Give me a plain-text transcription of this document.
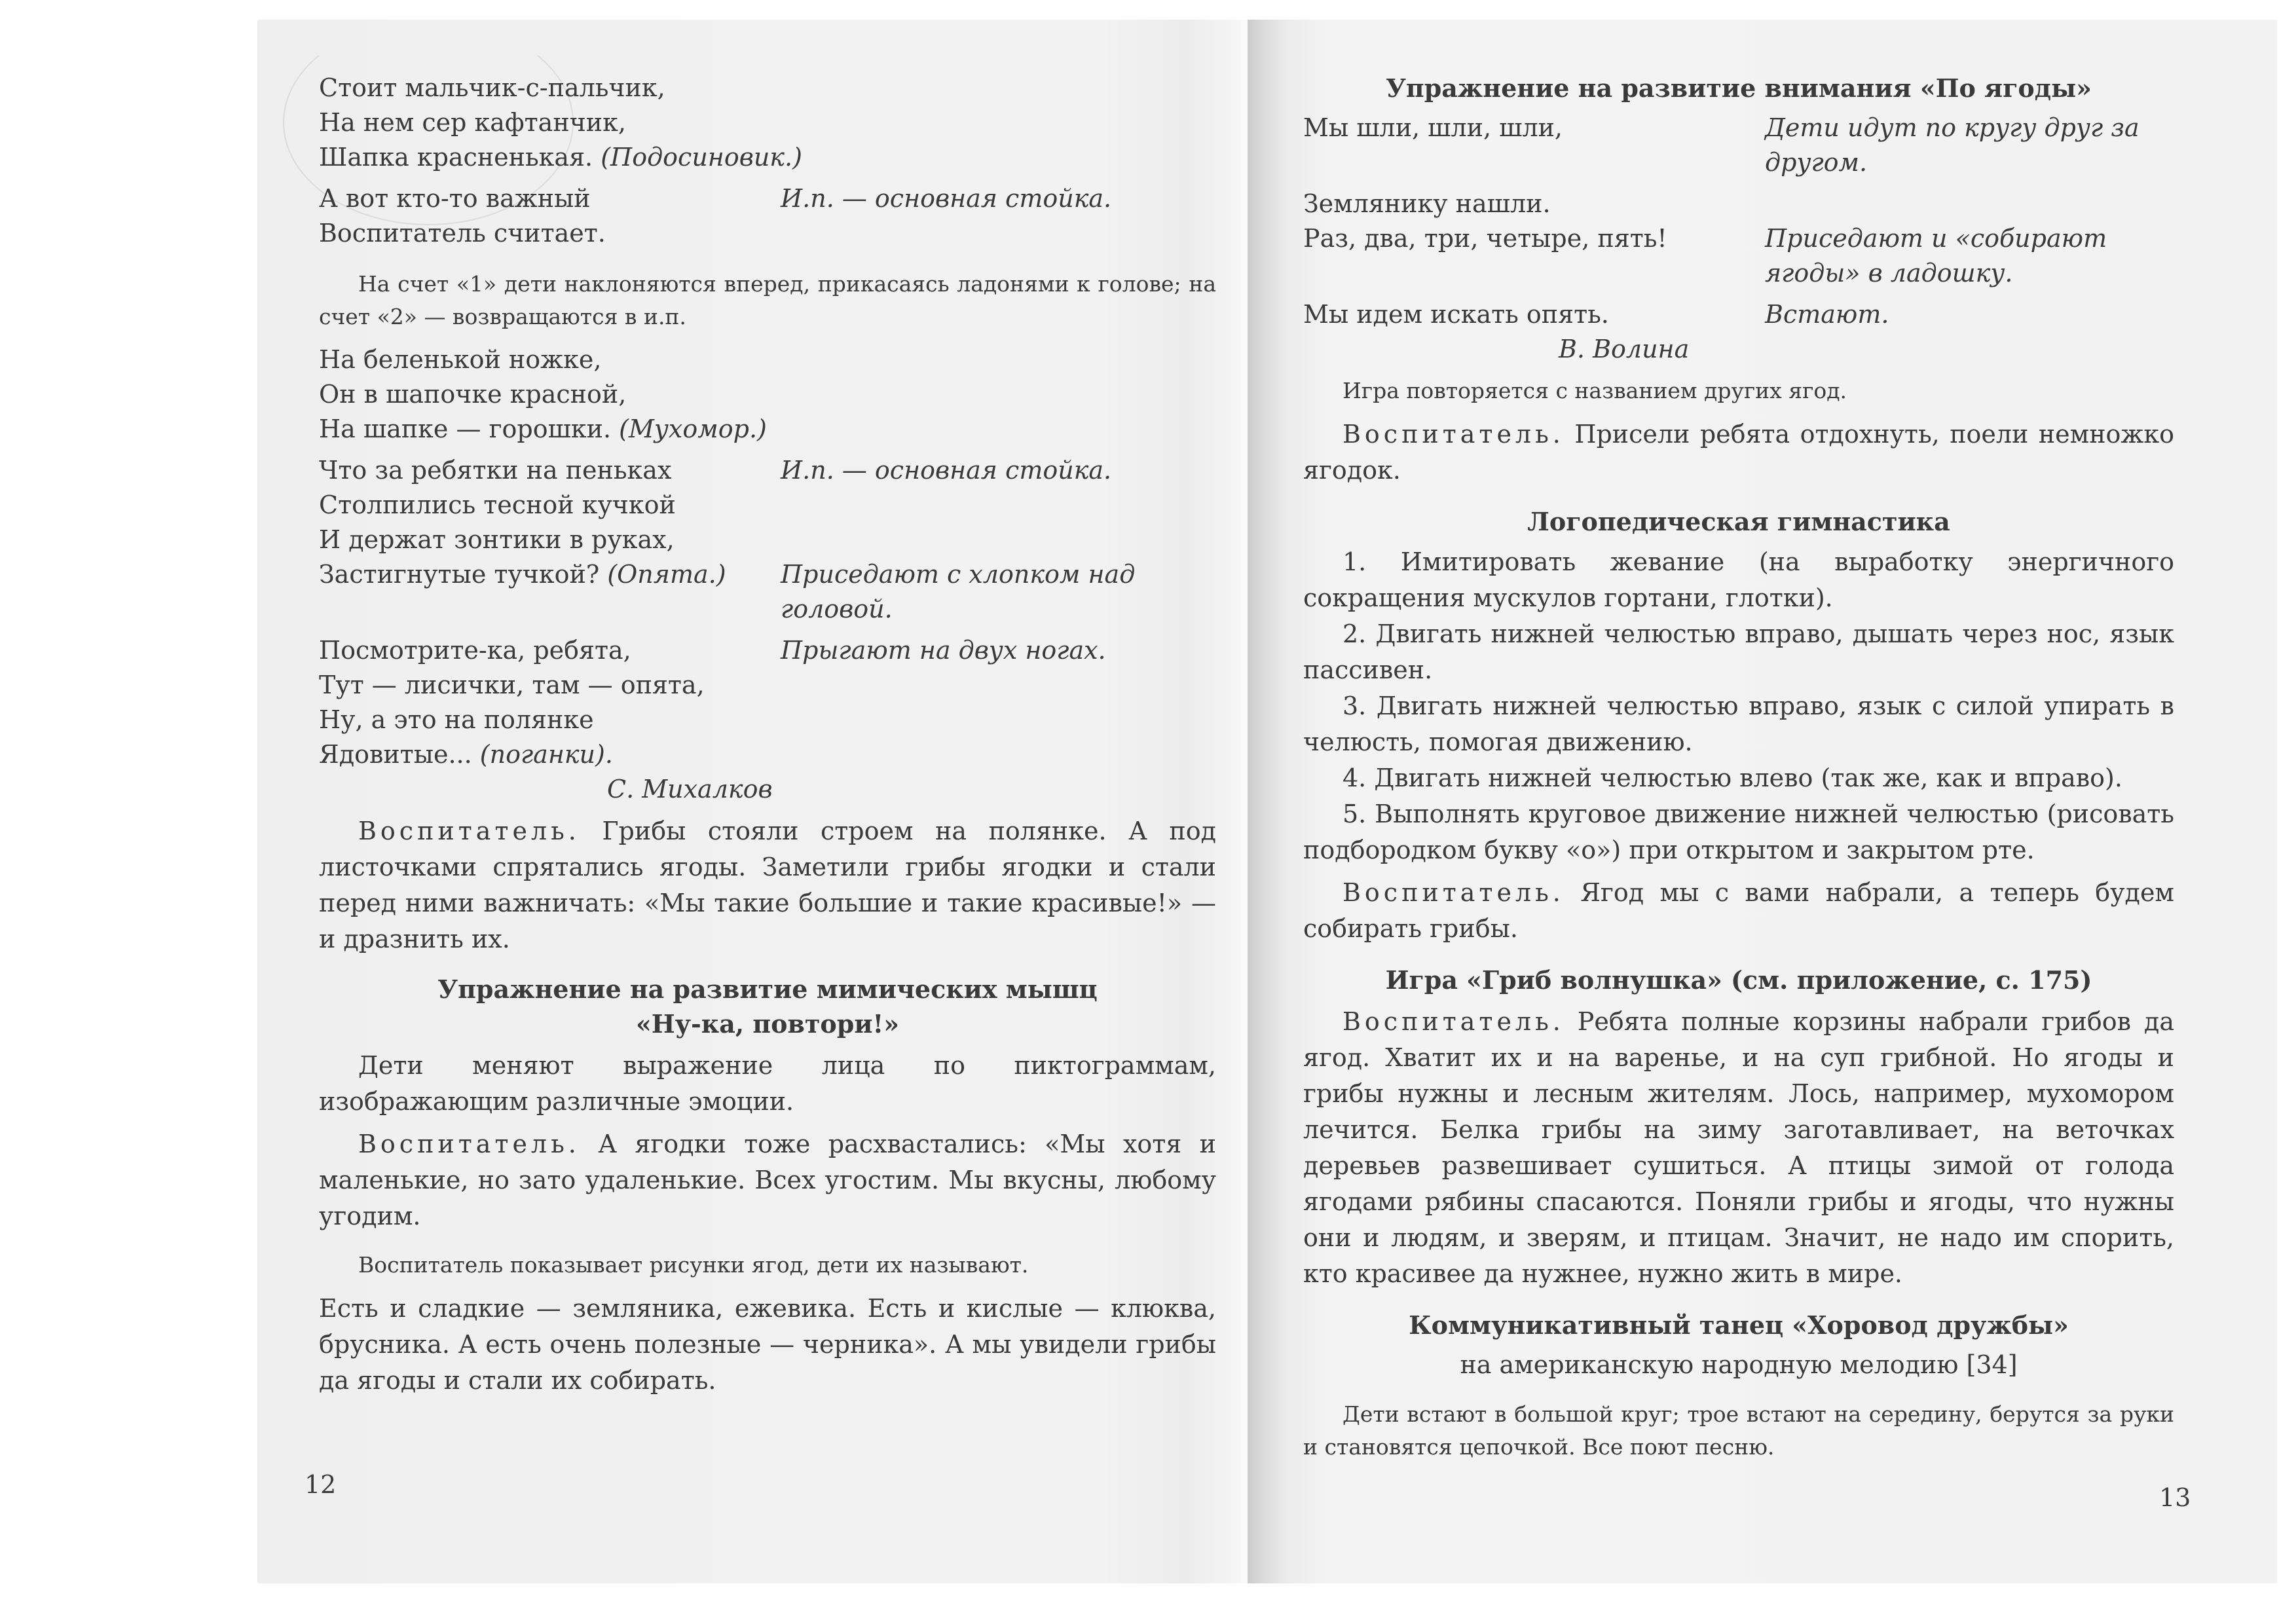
Стоит мальчик-с-пальчик,
На нем сер кафтанчик,
Шапка красненькая. (Подосиновик.)
А вот кто-то важный	И.п. — основная стойка.
Воспитатель считает.
На счет «1» дети наклоняются вперед, прикасаясь ладонями к голове; на счет «2» — возвращаются в и.п.
На беленькой ножке,
Он в шапочке красной,
На шапке — горошки. (Мухомор.)
Что за ребятки на пеньках	И.п. — основная стойка.
Столпились тесной кучкой
И держат зонтики в руках,
Застигнутые тучкой? (Опята.)	Приседают с хлопком над головой.
Посмотрите-ка, ребята,	Прыгают на двух ногах.
Тут — лисички, там — опята,
Ну, а это на полянке
Ядовитые... (поганки).
С. Михалков

Воспитатель. Грибы стояли строем на полянке. А под листочками спрятались ягоды. Заметили грибы ягодки и стали перед ними важничать: «Мы такие большие и такие красивые!» — и дразнить их.

Упражнение на развитие мимических мышц
«Ну-ка, повтори!»

Дети меняют выражение лица по пиктограммам, изображающим различные эмоции.

Воспитатель. А ягодки тоже расхвастались: «Мы хотя и маленькие, но зато удаленькие. Всех угостим. Мы вкусны, любому угодим.

Воспитатель показывает рисунки ягод, дети их называют.

Есть и сладкие — земляника, ежевика. Есть и кислые — клюква, брусника. А есть очень полезные — черника». А мы увидели грибы да ягоды и стали их собирать.

12
Упражнение на развитие внимания «По ягоды»
Мы шли, шли, шли,	Дети идут по кругу друг за другом.
Землянику нашли.
Раз, два, три, четыре, пять!	Приседают и «собирают ягоды» в ладошку.
Мы идем искать опять.	Встают.
В. Волина
Игра повторяется с названием других ягод.

Воспитатель. Присели ребята отдохнуть, поели немножко ягодок.

Логопедическая гимнастика

1. Имитировать жевание (на выработку энергичного сокращения мускулов гортани, глотки).

2. Двигать нижней челюстью вправо, дышать через нос, язык пассивен.

3. Двигать нижней челюстью вправо, язык с силой упирать в челюсть, помогая движению.

4. Двигать нижней челюстью влево (так же, как и вправо).

5. Выполнять круговое движение нижней челюстью (рисовать подбородком букву «о») при открытом и закрытом рте.

Воспитатель. Ягод мы с вами набрали, а теперь будем собирать грибы.

Игра «Гриб волнушка» (см. приложение, с. 175)

Воспитатель. Ребята полные корзины набрали грибов да ягод. Хватит их и на варенье, и на суп грибной. Но ягоды и грибы нужны и лесным жителям. Лось, например, мухомором лечится. Белка грибы на зиму заготавливает, на веточках деревьев развешивает сушиться. А птицы зимой от голода ягодами рябины спасаются. Поняли грибы и ягоды, что нужны они и людям, и зверям, и птицам. Значит, не надо им спорить, кто красивее да нужнее, нужно жить в мире.

Коммуникативный танец «Хоровод дружбы»
на американскую народную мелодию [34]
Дети встают в большой круг; трое встают на середину, берутся за руки и становятся цепочкой. Все поют песню.
13
